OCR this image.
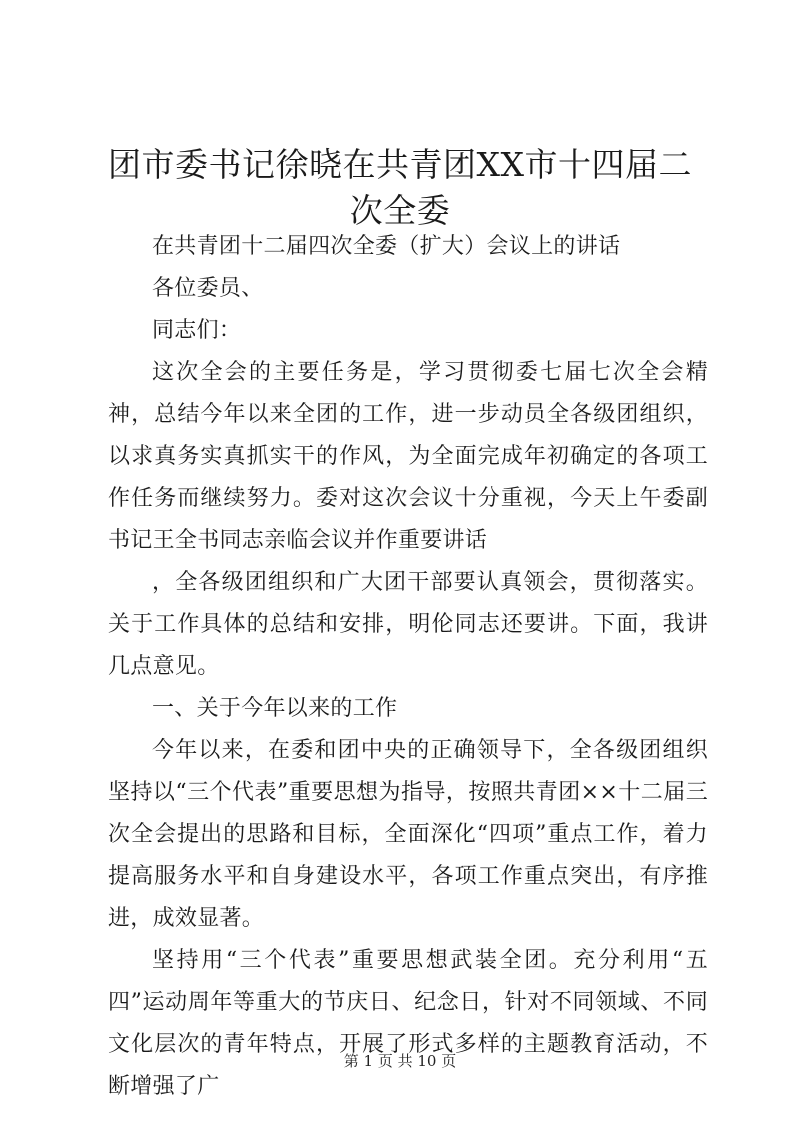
团市委书记徐晓在共青团XX市十四届二次全委

在共青团十二届四次全委（扩大）会议上的讲话

各位委员、

同志们：

这次全会的主要任务是，学习贯彻委七届七次全会精神，总结今年以来全团的工作，进一步动员全各级团组织，以求真务实真抓实干的作风，为全面完成年初确定的各项工作任务而继续努力。委对这次会议十分重视，今天上午委副书记王全书同志亲临会议并作重要讲话

，全各级团组织和广大团干部要认真领会，贯彻落实。关于工作具体的总结和安排，明伦同志还要讲。下面，我讲几点意见。

一、关于今年以来的工作

今年以来，在委和团中央的正确领导下，全各级团组织坚持以“三个代表”重要思想为指导，按照共青团××十二届三次全会提出的思路和目标，全面深化“四项”重点工作，着力提高服务水平和自身建设水平，各项工作重点突出，有序推进，成效显著。

坚持用“三个代表”重要思想武装全团。充分利用“五四”运动周年等重大的节庆日、纪念日，针对不同领域、不同文化层次的青年特点，开展了形式多样的主题教育活动，不断增强了广

第 1 页 共 10 页
